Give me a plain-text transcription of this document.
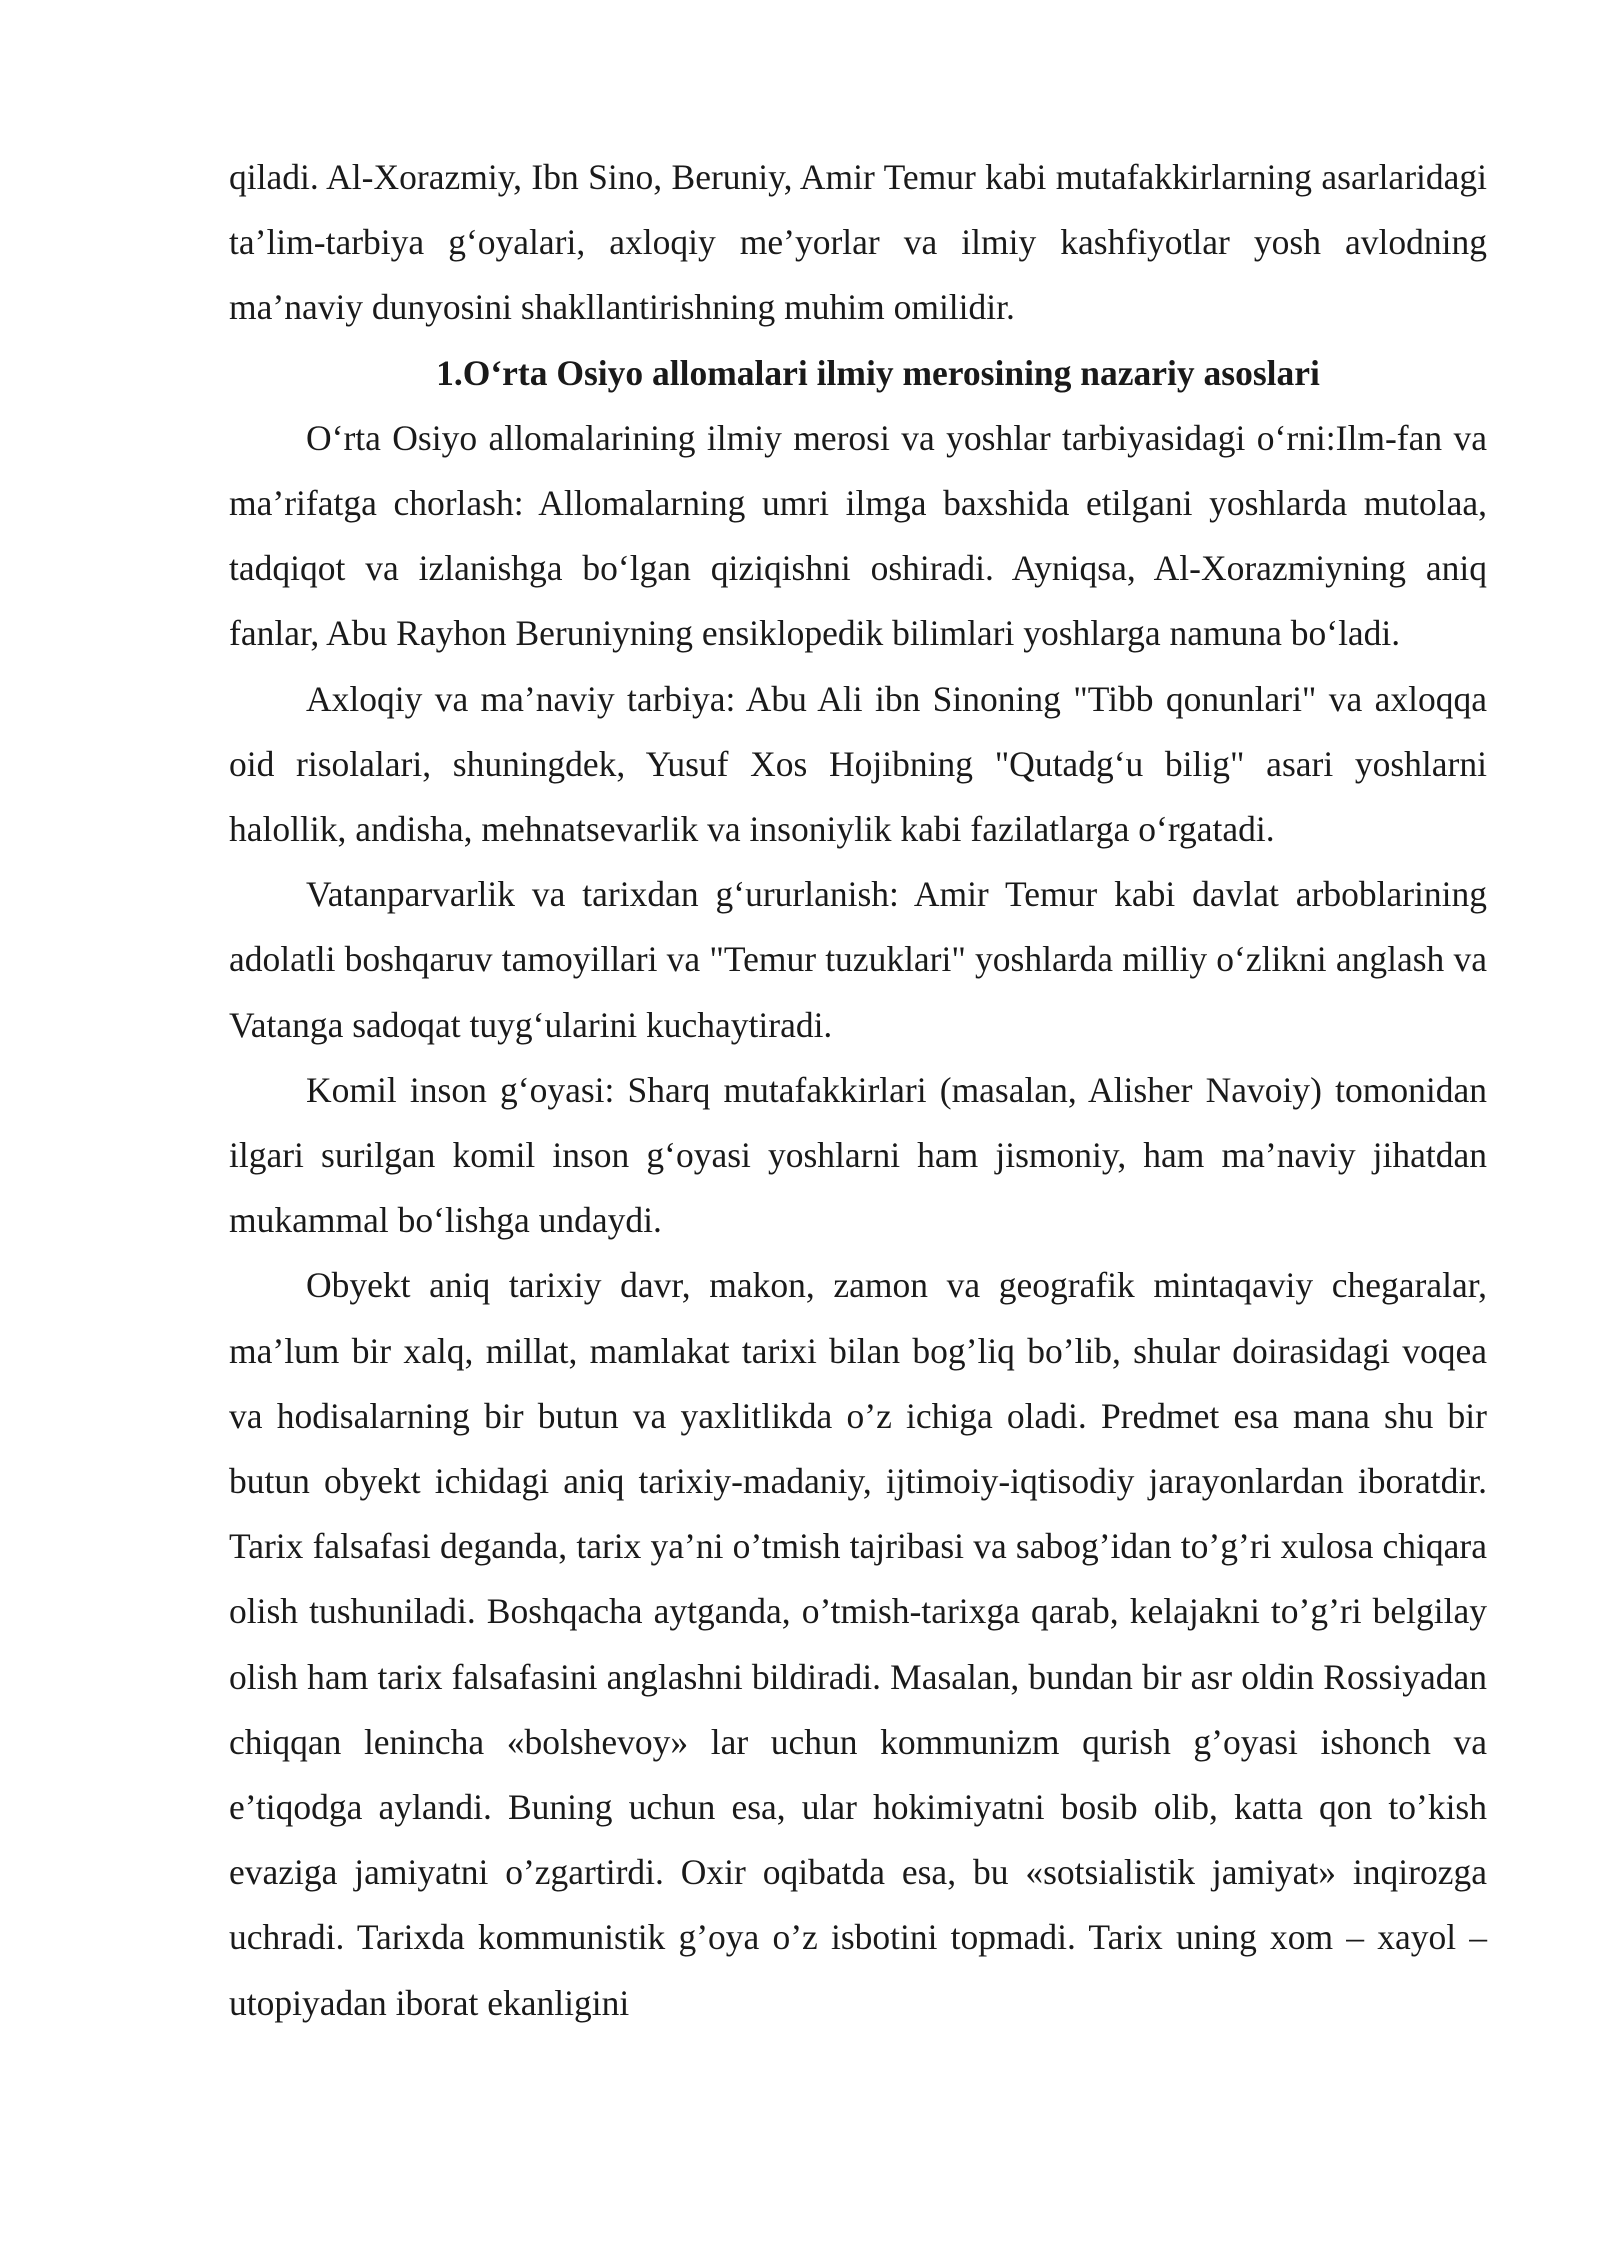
qiladi. Al-Xorazmiy, Ibn Sino, Beruniy, Amir Temur kabi mutafakkirlarning asarlaridagi ta’lim-tarbiya g‘oyalari, axloqiy me’yorlar va ilmiy kashfiyotlar yosh avlodning ma’naviy dunyosini shakllantirishning muhim omilidir.

1.O‘rta Osiyo allomalari ilmiy merosining nazariy asoslari

O‘rta Osiyo allomalarining ilmiy merosi va yoshlar tarbiyasidagi o‘rni:Ilm-fan va ma’rifatga chorlash: Allomalarning umri ilmga baxshida etilgani yoshlarda mutolaa, tadqiqot va izlanishga bo‘lgan qiziqishni oshiradi. Ayniqsa, Al-Xorazmiyning aniq fanlar, Abu Rayhon Beruniyning ensiklopedik bilimlari yoshlarga namuna bo‘ladi.

Axloqiy va ma’naviy tarbiya: Abu Ali ibn Sinoning "Tibb qonunlari" va axloqqa oid risolalari, shuningdek, Yusuf Xos Hojibning "Qutadg‘u bilig" asari yoshlarni halollik, andisha, mehnatsevarlik va insoniylik kabi fazilatlarga o‘rgatadi.

Vatanparvarlik va tarixdan g‘ururlanish: Amir Temur kabi davlat arboblarining adolatli boshqaruv tamoyillari va "Temur tuzuklari" yoshlarda milliy o‘zlikni anglash va Vatanga sadoqat tuyg‘ularini kuchaytiradi.

Komil inson g‘oyasi: Sharq mutafakkirlari (masalan, Alisher Navoiy) tomonidan ilgari surilgan komil inson g‘oyasi yoshlarni ham jismoniy, ham ma’naviy jihatdan mukammal bo‘lishga undaydi.

Obyekt aniq tarixiy davr, makon, zamon va geografik mintaqaviy chegaralar, ma’lum bir xalq, millat, mamlakat tarixi bilan bog’liq bo’lib, shular doirasidagi voqea va hodisalarning bir butun va yaxlitlikda o’z ichiga oladi. Predmet esa mana shu bir butun obyekt ichidagi aniq tarixiy-madaniy, ijtimoiy-iqtisodiy jarayonlardan iboratdir. Tarix falsafasi deganda, tarix ya’ni o’tmish tajribasi va sabog’idan to’g’ri xulosa chiqara olish tushuniladi. Boshqacha aytganda, o’tmish-tarixga qarab, kelajakni to’g’ri belgilay olish ham tarix falsafasini anglashni bildiradi. Masalan, bundan bir asr oldin Rossiyadan chiqqan lenincha «bolshevoy» lar uchun kommunizm qurish g’oyasi ishonch va e’tiqodga aylandi. Buning uchun esa, ular hokimiyatni bosib olib, katta qon to’kish evaziga jamiyatni o’zgartirdi. Oxir oqibatda esa, bu «sotsialistik jamiyat» inqirozga uchradi. Tarixda kommunistik g’oya o’z isbotini topmadi. Tarix uning xom – xayol – utopiyadan iborat ekanligini
